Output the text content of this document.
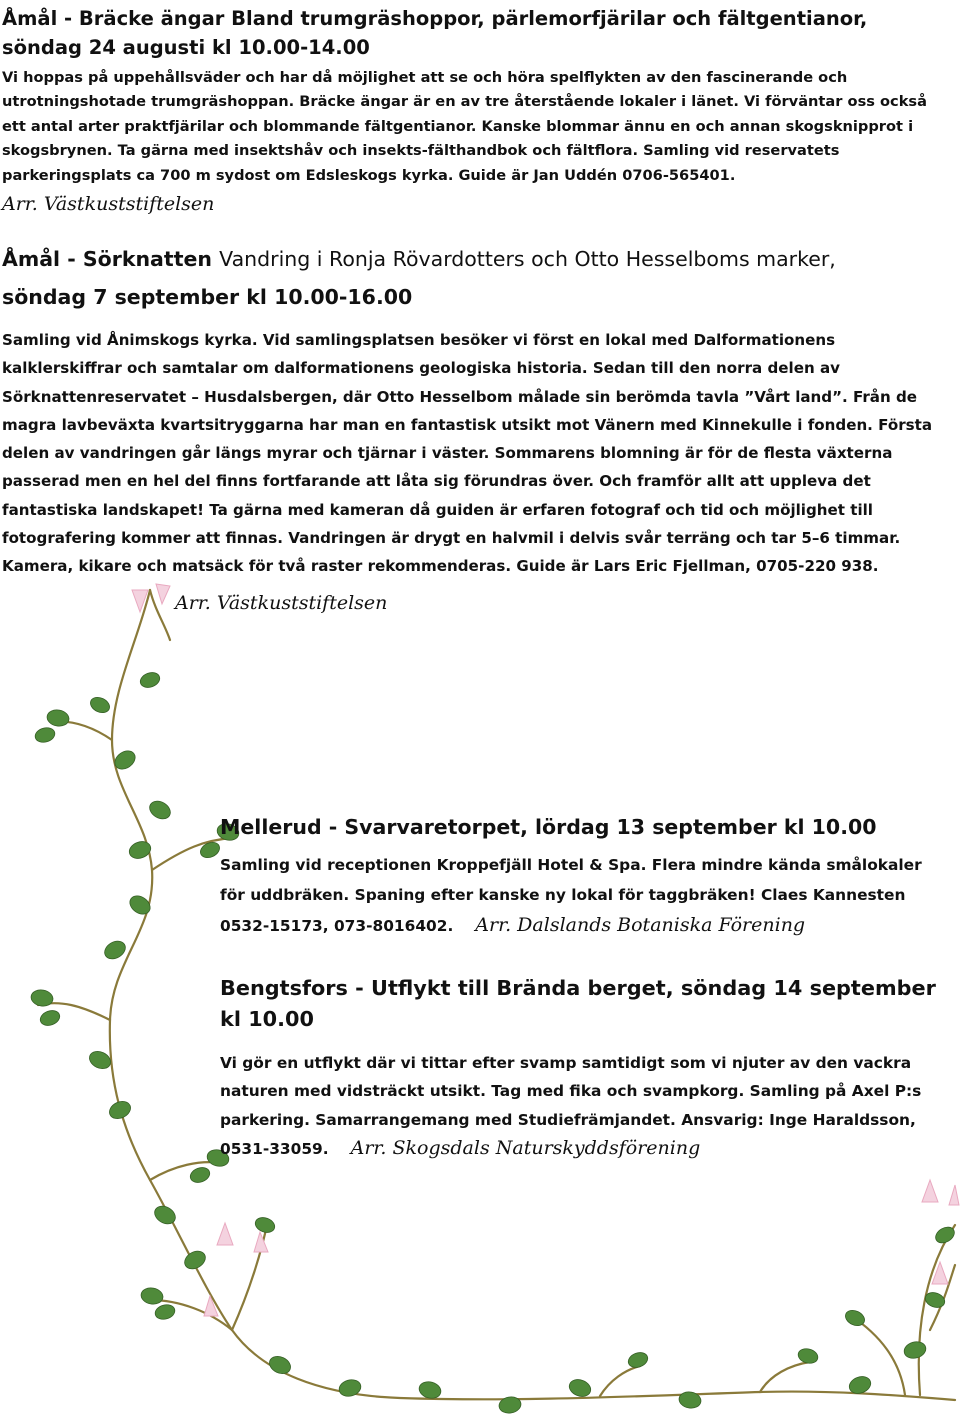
Åmål - Bräcke ängar Bland trumgräshoppor, pärlemorfjärilar och fältgentianor, söndag 24 augusti kl 10.00-14.00
Vi hoppas på uppehållsväder och har då möjlighet att se och höra spelflykten av den fascinerande och utrotningshotade trumgräshoppan. Bräcke ängar är en av tre återstående lokaler i länet. Vi förväntar oss också ett antal arter praktfjärilar och blommande fältgentianor. Kanske blommar ännu en och annan skogsknipprot i skogsbrynen. Ta gärna med insektshåv och insekts-fälthandbok och fältflora. Samling vid reservatets parkeringsplats ca 700 m sydost om Edsleskogs kyrka. Guide är Jan Uddén 0706-565401.
Arr. Västkuststiftelsen
Åmål - Sörknatten Vandring i Ronja Rövardotters och Otto Hesselboms marker,
söndag 7 september kl 10.00-16.00
Samling vid Ånimskogs kyrka. Vid samlingsplatsen besöker vi först en lokal med Dalformationens kalklerskiffrar och samtalar om dalformationens geologiska historia. Sedan till den norra delen av Sörknattenreservatet – Husdalsbergen, där Otto Hesselbom målade sin berömda tavla ”Vårt land”. Från de magra lavbeväxta kvartsitryggarna har man en fantastisk utsikt mot Vänern med Kinnekulle i fonden. Första delen av vandringen går längs myrar och tjärnar i väster. Sommarens blomning är för de flesta växterna passerad men en hel del finns fortfarande att låta sig förundras över. Och framför allt att uppleva det fantastiska landskapet! Ta gärna med kameran då guiden är erfaren fotograf och tid och möjlighet till fotografering kommer att finnas. Vandringen är drygt en halvmil i delvis svår terräng och tar 5–6 timmar. Kamera, kikare och matsäck för två raster rekommenderas. Guide är Lars Eric Fjellman, 0705-220 938.
Arr. Västkuststiftelsen
Mellerud - Svarvaretorpet, lördag 13 september kl 10.00
Samling vid receptionen Kroppefjäll Hotel & Spa. Flera mindre kända smålokaler för uddbräken. Spaning efter kanske ny lokal för taggbräken! Claes Kannesten 0532-15173, 073-8016402. Arr. Dalslands Botaniska Förening
Bengtsfors - Utflykt till Brända berget, söndag 14 september kl 10.00
Vi gör en utflykt där vi tittar efter svamp samtidigt som vi njuter av den vackra naturen med vidsträckt utsikt. Tag med fika och svampkorg. Samling på Axel P:s parkering. Samarrangemang med Studiefrämjandet. Ansvarig: Inge Haraldsson, 0531-33059. Arr. Skogsdals Naturskyddsförening
